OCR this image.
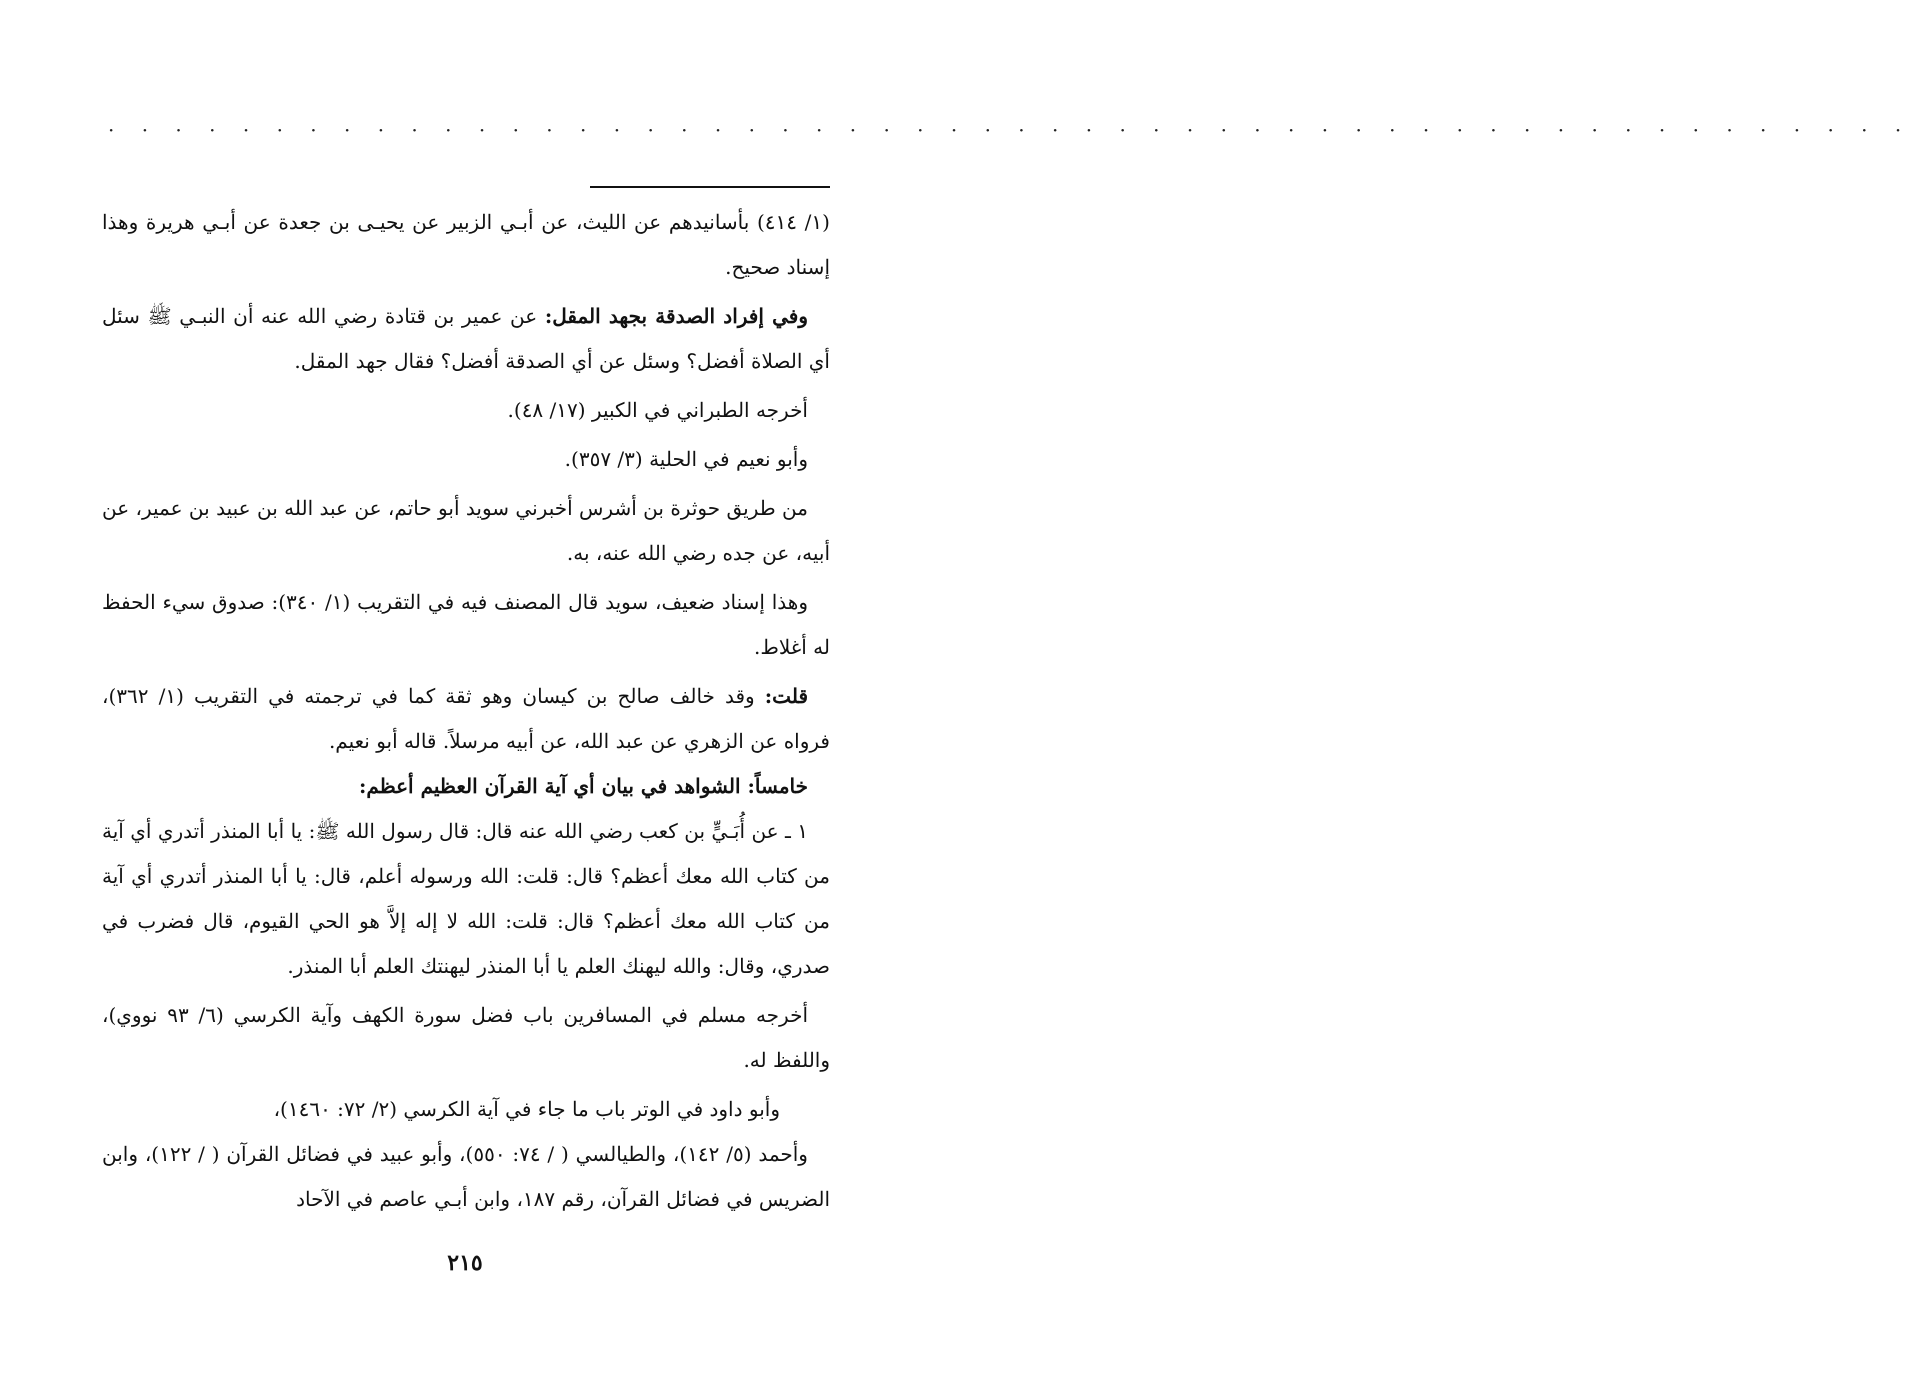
· · · · · · · · · · · · · · · · · · · · · · · · · · · · · · · · · · · · · · · · · · · · · · · · · · · · · ·

(١/ ٤١٤) بأسانيدهم عن الليث، عن أبـي الزبير عن يحيـى بن جعدة عن أبـي هريرة وهذا إسناد صحيح.

وفي إفراد الصدقة بجهد المقل: عن عمير بن قتادة رضي الله عنه أن النبـي ﷺ سئل أي الصلاة أفضل؟ وسئل عن أي الصدقة أفضل؟ فقال جهد المقل.

أخرجه الطبراني في الكبير (١٧/ ٤٨).

وأبو نعيم في الحلية (٣/ ٣٥٧).

من طريق حوثرة بن أشرس أخبرني سويد أبو حاتم، عن عبد الله بن عبيد بن عمير، عن أبيه، عن جده رضي الله عنه، به.

وهذا إسناد ضعيف، سويد قال المصنف فيه في التقريب (١/ ٣٤٠): صدوق سيء الحفظ له أغلاط.

قلت: وقد خالف صالح بن كيسان وهو ثقة كما في ترجمته في التقريب (١/ ٣٦٢)، فرواه عن الزهري عن عبد الله، عن أبيه مرسلاً. قاله أبو نعيم.

خامساً: الشواهد في بيان أي آية القرآن العظيم أعظم:

١ ـ عن أُبَـيٍّ بن كعب رضي الله عنه قال: قال رسول الله ﷺ: يا أبا المنذر أتدري أي آية من كتاب الله معك أعظم؟ قال: قلت: الله ورسوله أعلم، قال: يا أبا المنذر أتدري أي آية من كتاب الله معك أعظم؟ قال: قلت: الله لا إله إلاَّ هو الحي القيوم، قال فضرب في صدري، وقال: والله ليهنك العلم يا أبا المنذر ليهنتك العلم أبا المنذر.

أخرجه مسلم في المسافرين باب فضل سورة الكهف وآية الكرسي (٦/ ٩٣ نووي)، واللفظ له.

وأبو داود في الوتر باب ما جاء في آية الكرسي (٢/ ٧٢: ١٤٦٠)،

وأحمد (٥/ ١٤٢)، والطيالسي ( / ٧٤: ٥٥٠)، وأبو عبيد في فضائل القرآن ( / ١٢٢)، وابن الضريس في فضائل القرآن، رقم ١٨٧، وابن أبـي عاصم في الآحاد

٢١٥
